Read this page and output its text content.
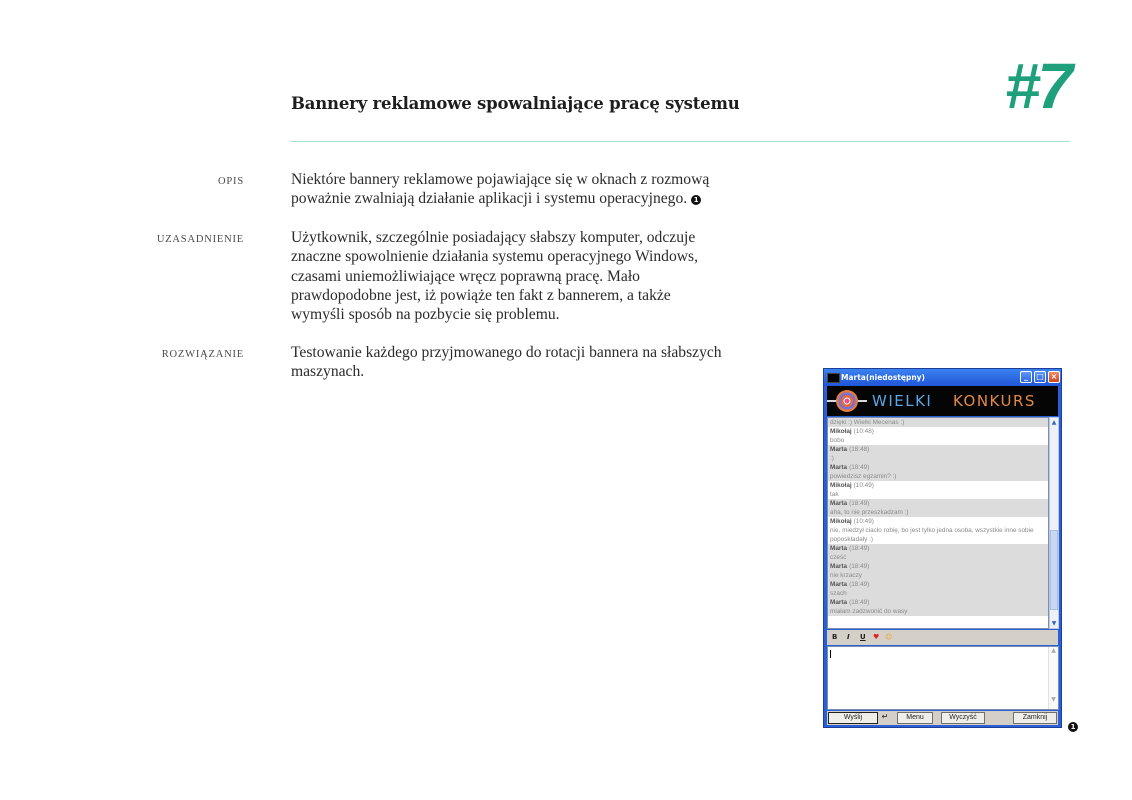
Bannery reklamowe spowalniające pracę systemu	#7
OPIS	Niektóre bannery reklamowe pojawiające się w oknach z rozmową poważnie zwalniają działanie aplikacji i systemu operacyjnego. 1
UZASADNIENIE	Użytkownik, szczególnie posiadający słabszy komputer, odczuje znaczne spowolnienie działania systemu operacyjnego Windows, czasami uniemożliwiające wręcz poprawną pracę. Mało prawdopodobne jest, iż powiąże ten fakt z bannerem, a także wymyśli sposób na pozbycie się problemu.
ROZWIĄZANIE	Testowanie każdego przyjmowanego do rotacji bannera na słabszych maszynach.	Marta(niedostępny)	_	□ ×
WIELKI KONKURS
dzięki :) Wielki Mecenas :)
Mikołaj (10:48)
bobo
Marta (18:48)
:)
Marta (18:49)
powiedzisz egzamin? :)
Mikołaj (10:49)
tak
Marta (18:49)
aha, to nie przeszkadzam :)
Mikołaj (10:49)
nie, miedzył ciacło robię, bo jest tylko jedna osoba, wszystkie inne sobie poposkładały :)
Marta (18:49)
cześć
Marta (18:49)
nie krzaczy
Marta (18:49)
szach
Marta (18:49)
miałam zadzwonić do wasy
▲
▼
B I U ♥ ☺
▲

▼
Wyślij	↵	Menu	Wyczyść	Zamknij
1
